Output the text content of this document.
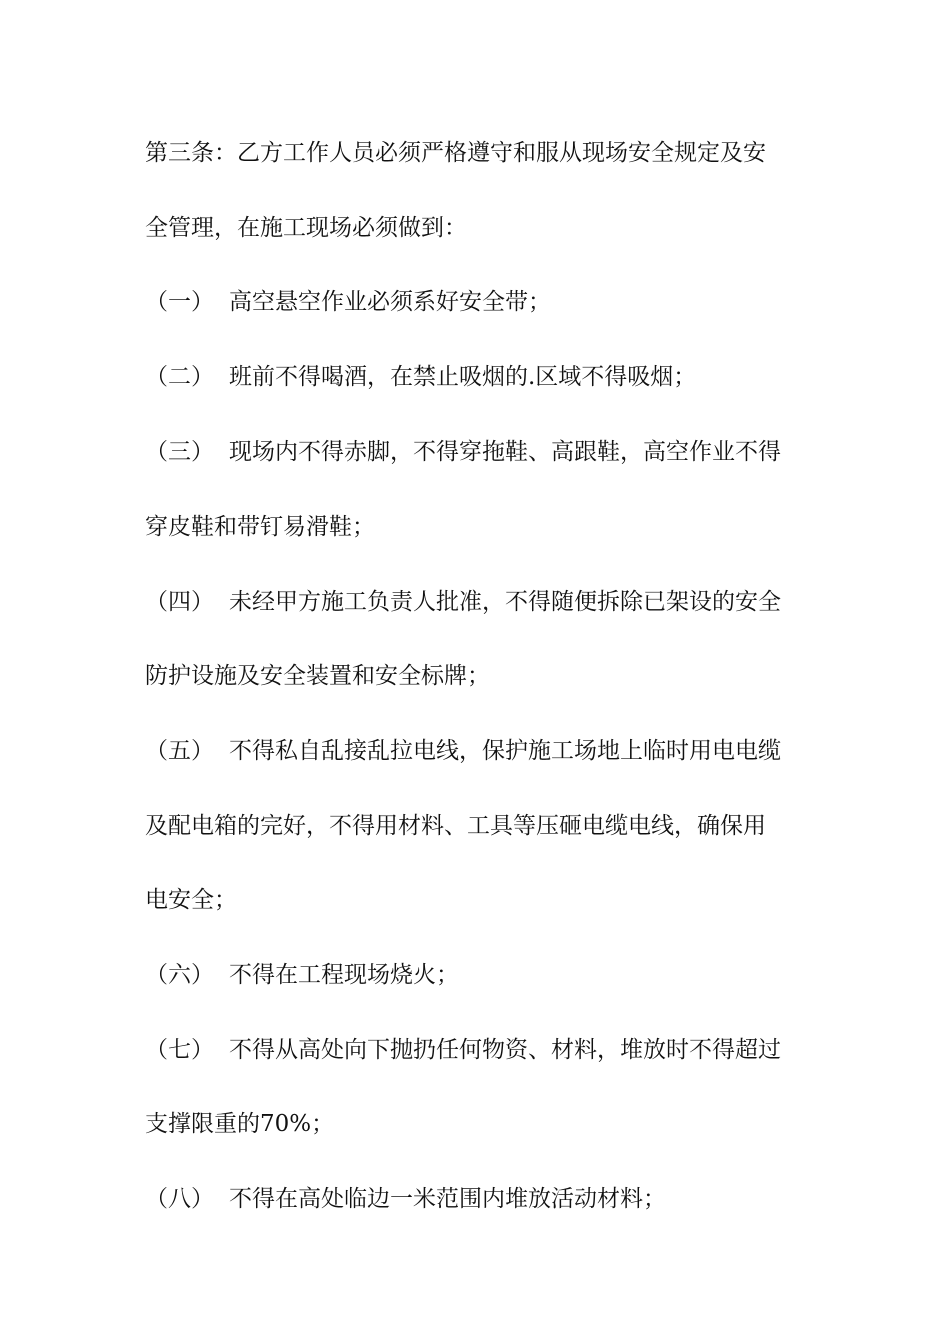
第三条：乙方工作人员必须严格遵守和服从现场安全规定及安
全管理，在施工现场必须做到：
（一） 高空悬空作业必须系好安全带；
（二） 班前不得喝酒，在禁止吸烟的.区域不得吸烟；
（三） 现场内不得赤脚，不得穿拖鞋、高跟鞋，高空作业不得
穿皮鞋和带钉易滑鞋；
（四） 未经甲方施工负责人批准，不得随便拆除已架设的安全
防护设施及安全装置和安全标牌；
（五） 不得私自乱接乱拉电线，保护施工场地上临时用电电缆
及配电箱的完好，不得用材料、工具等压砸电缆电线，确保用
电安全；
（六） 不得在工程现场烧火；
（七） 不得从高处向下抛扔任何物资、材料，堆放时不得超过
支撑限重的70%；
（八） 不得在高处临边一米范围内堆放活动材料；
